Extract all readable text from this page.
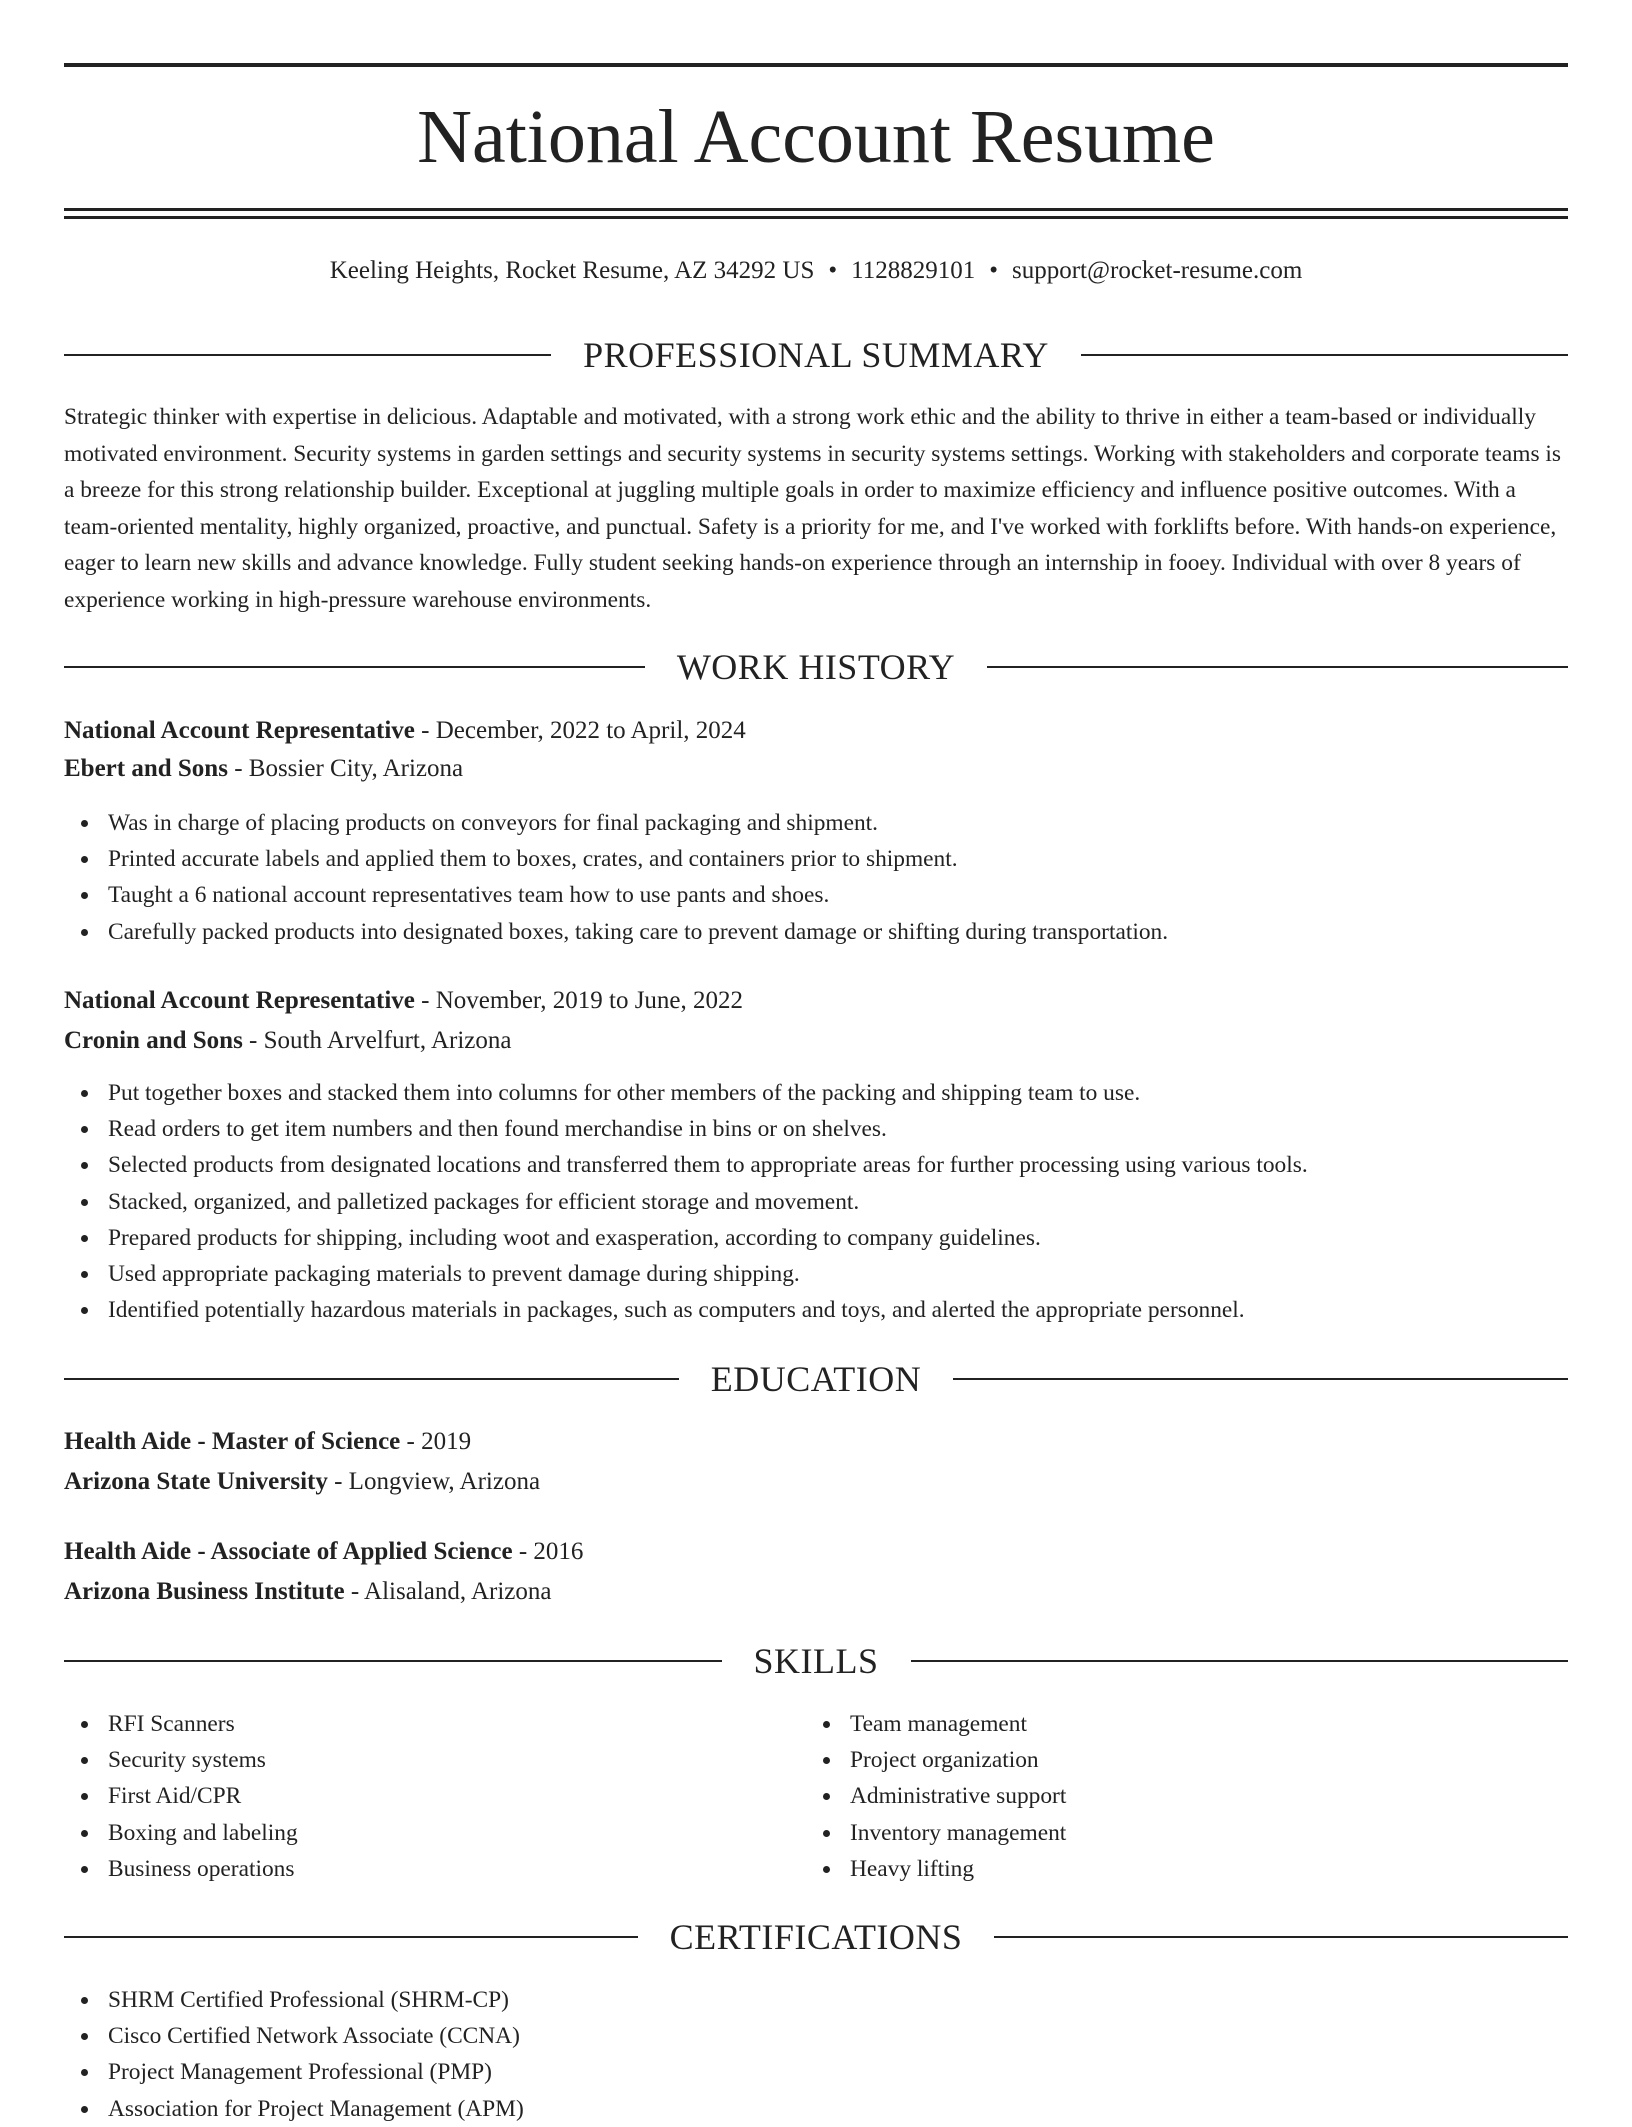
National Account Resume
Keeling Heights, Rocket Resume, AZ 34292 US • 1128829101 • support@rocket-resume.com
PROFESSIONAL SUMMARY
Strategic thinker with expertise in delicious. Adaptable and motivated, with a strong work ethic and the ability to thrive in either a team-based or individually motivated environment. Security systems in garden settings and security systems in security systems settings. Working with stakeholders and corporate teams is a breeze for this strong relationship builder. Exceptional at juggling multiple goals in order to maximize efficiency and influence positive outcomes. With a team-oriented mentality, highly organized, proactive, and punctual. Safety is a priority for me, and I've worked with forklifts before. With hands-on experience, eager to learn new skills and advance knowledge. Fully student seeking hands-on experience through an internship in fooey. Individual with over 8 years of experience working in high-pressure warehouse environments.
WORK HISTORY
National Account Representative - December, 2022 to April, 2024
Ebert and Sons - Bossier City, Arizona
Was in charge of placing products on conveyors for final packaging and shipment.
Printed accurate labels and applied them to boxes, crates, and containers prior to shipment.
Taught a 6 national account representatives team how to use pants and shoes.
Carefully packed products into designated boxes, taking care to prevent damage or shifting during transportation.
National Account Representative - November, 2019 to June, 2022
Cronin and Sons - South Arvelfurt, Arizona
Put together boxes and stacked them into columns for other members of the packing and shipping team to use.
Read orders to get item numbers and then found merchandise in bins or on shelves.
Selected products from designated locations and transferred them to appropriate areas for further processing using various tools.
Stacked, organized, and palletized packages for efficient storage and movement.
Prepared products for shipping, including woot and exasperation, according to company guidelines.
Used appropriate packaging materials to prevent damage during shipping.
Identified potentially hazardous materials in packages, such as computers and toys, and alerted the appropriate personnel.
EDUCATION
Health Aide - Master of Science - 2019
Arizona State University - Longview, Arizona
Health Aide - Associate of Applied Science - 2016
Arizona Business Institute - Alisaland, Arizona
SKILLS
RFI Scanners
Security systems
First Aid/CPR
Boxing and labeling
Business operations
Team management
Project organization
Administrative support
Inventory management
Heavy lifting
CERTIFICATIONS
SHRM Certified Professional (SHRM-CP)
Cisco Certified Network Associate (CCNA)
Project Management Professional (PMP)
Association for Project Management (APM)
